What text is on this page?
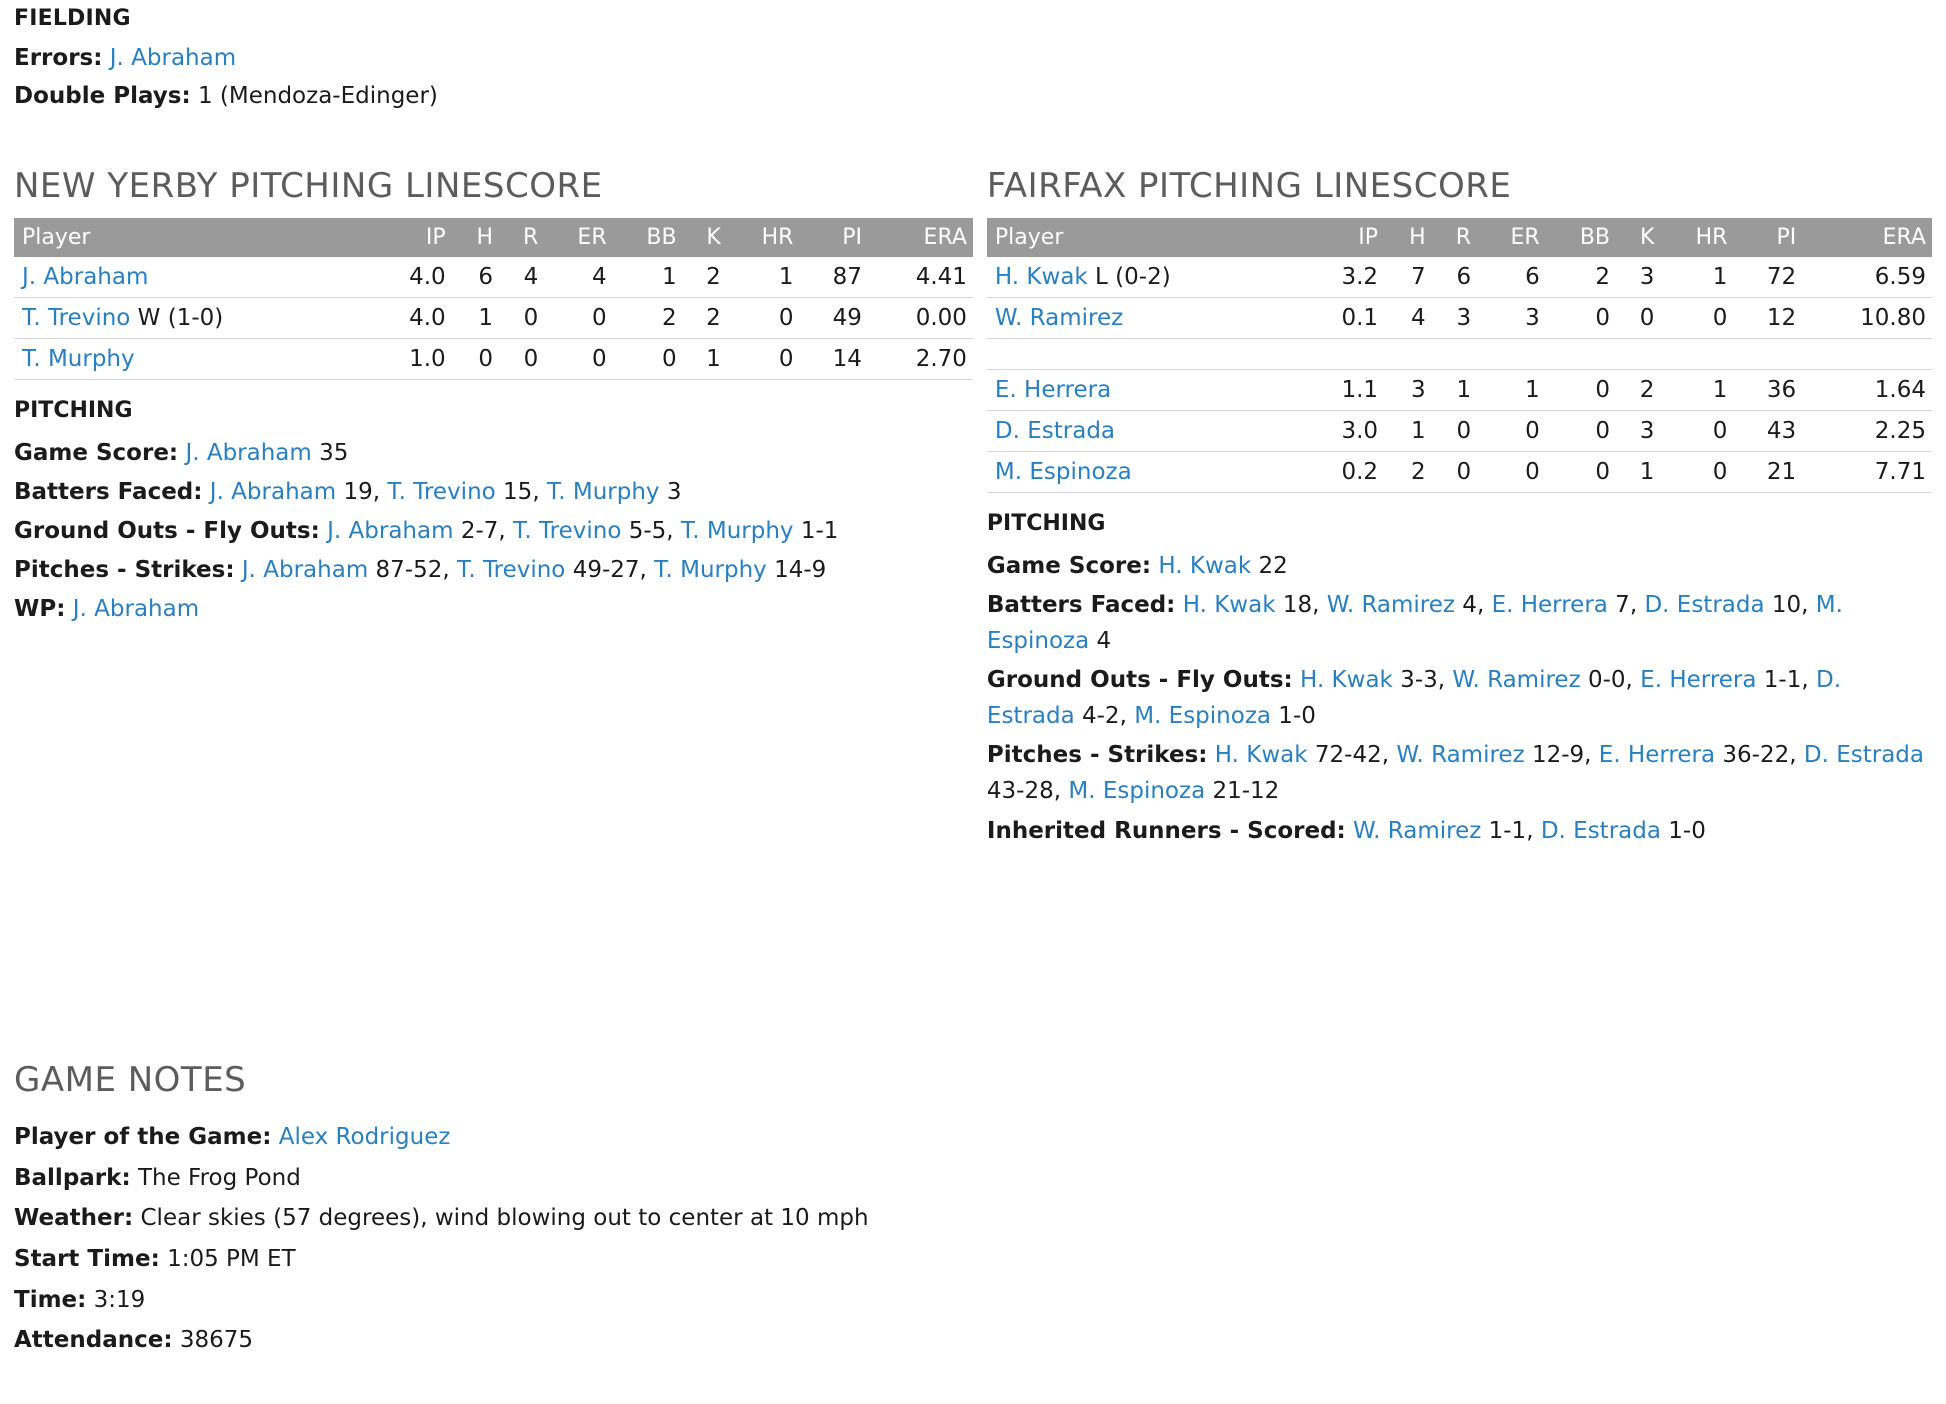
FIELDING
Errors: J. Abraham
Double Plays: 1 (Mendoza-Edinger)
NEW YERBY PITCHING LINESCORE
Player	IP	H	R	ER	BB	K	HR	PI	ERA
J. Abraham	4.0	6	4	4	1	2	1	87	4.41
T. Trevino W (1-0)	4.0	1	0	0	2	2	0	49	0.00
T. Murphy	1.0	0	0	0	0	1	0	14	2.70
PITCHING
Game Score: J. Abraham 35
Batters Faced: J. Abraham 19, T. Trevino 15, T. Murphy 3
Ground Outs - Fly Outs: J. Abraham 2-7, T. Trevino 5-5, T. Murphy 1-1
Pitches - Strikes: J. Abraham 87-52, T. Trevino 49-27, T. Murphy 14-9
WP: J. Abraham
FAIRFAX PITCHING LINESCORE
Player	IP	H	R	ER	BB	K	HR	PI	ERA
H. Kwak L (0-2)	3.2	7	6	6	2	3	1	72	6.59
W. Ramirez	0.1	4	3	3	0	0	0	12	10.80

E. Herrera	1.1	3	1	1	0	2	1	36	1.64
D. Estrada	3.0	1	0	0	0	3	0	43	2.25
M. Espinoza	0.2	2	0	0	0	1	0	21	7.71
PITCHING
Game Score: H. Kwak 22
Batters Faced: H. Kwak 18, W. Ramirez 4, E. Herrera 7, D. Estrada 10, M. Espinoza 4
Ground Outs - Fly Outs: H. Kwak 3-3, W. Ramirez 0-0, E. Herrera 1-1, D. Estrada 4-2, M. Espinoza 1-0
Pitches - Strikes: H. Kwak 72-42, W. Ramirez 12-9, E. Herrera 36-22, D. Estrada 43-28, M. Espinoza 21-12
Inherited Runners - Scored: W. Ramirez 1-1, D. Estrada 1-0
GAME NOTES
Player of the Game: Alex Rodriguez
Ballpark: The Frog Pond
Weather: Clear skies (57 degrees), wind blowing out to center at 10 mph
Start Time: 1:05 PM ET
Time: 3:19
Attendance: 38675
